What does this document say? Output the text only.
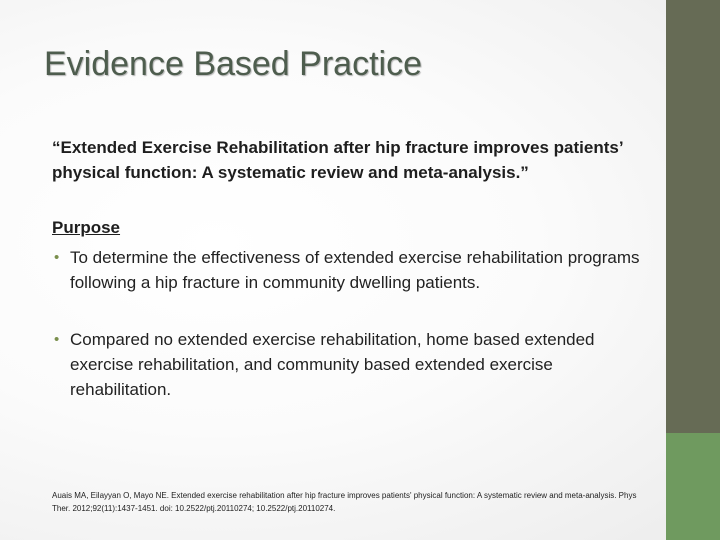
Evidence Based Practice
“Extended Exercise Rehabilitation after hip fracture improves patients’ physical function: A systematic review and meta-analysis.”
Purpose
• To determine the effectiveness of extended exercise rehabilitation programs following a hip fracture in community dwelling patients.
• Compared no extended exercise rehabilitation, home based extended exercise rehabilitation, and community based extended exercise rehabilitation.
Auais MA, Eilayyan O, Mayo NE. Extended exercise rehabilitation after hip fracture improves patients' physical function: A systematic review and meta-analysis. Phys Ther. 2012;92(11):1437-1451. doi: 10.2522/ptj.20110274; 10.2522/ptj.20110274.
